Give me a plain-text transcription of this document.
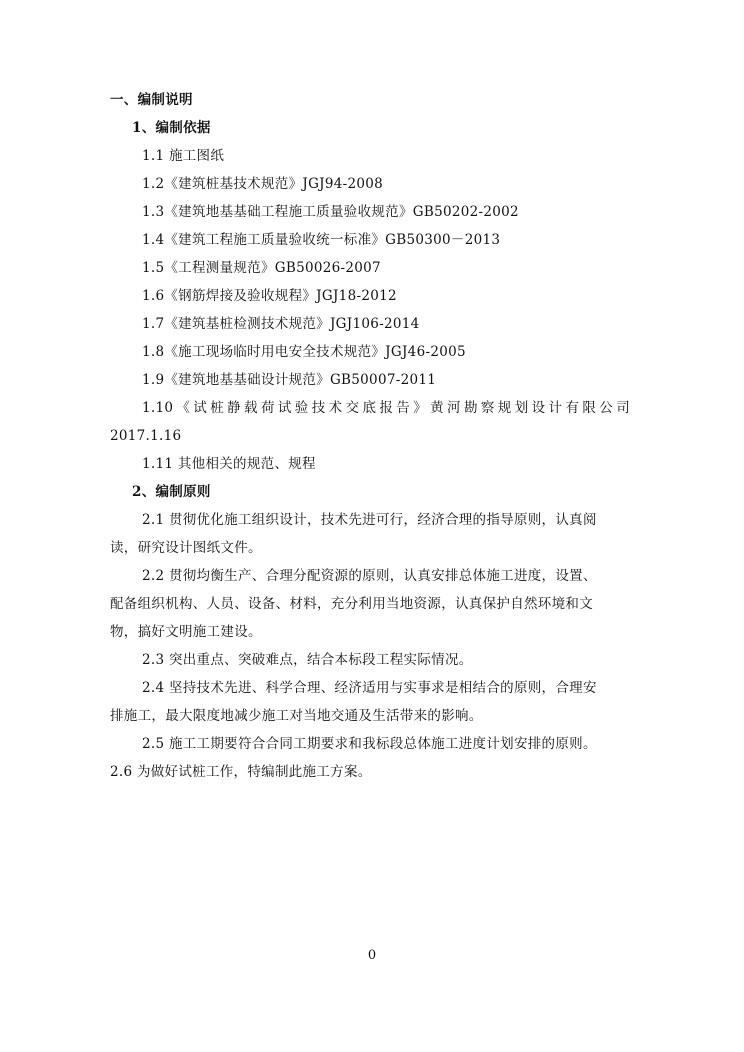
一、编制说明
1、编制依据
1.1 施工图纸
1.2《建筑桩基技术规范》JGJ94-2008
1.3《建筑地基基础工程施工质量验收规范》GB50202-2002
1.4《建筑工程施工质量验收统一标准》GB50300－2013
1.5《工程测量规范》GB50026-2007
1.6《钢筋焊接及验收规程》JGJ18-2012
1.7《建筑基桩检测技术规范》JGJ106-2014
1.8《施工现场临时用电安全技术规范》JGJ46-2005
1.9《建筑地基基础设计规范》GB50007-2011
1.10《试桩静载荷试验技术交底报告》黄河勘察规划设计有限公司
2017.1.16
1.11 其他相关的规范、规程
2、编制原则
2.1 贯彻优化施工组织设计，技术先进可行，经济合理的指导原则，认真阅
读，研究设计图纸文件。
2.2 贯彻均衡生产、合理分配资源的原则，认真安排总体施工进度，设置、
配备组织机构、人员、设备、材料，充分利用当地资源，认真保护自然环境和文
物，搞好文明施工建设。
2.3 突出重点、突破难点，结合本标段工程实际情况。
2.4 坚持技术先进、科学合理、经济适用与实事求是相结合的原则，合理安
排施工，最大限度地减少施工对当地交通及生活带来的影响。
2.5 施工工期要符合合同工期要求和我标段总体施工进度计划安排的原则。
2.6 为做好试桩工作，特编制此施工方案。
0
